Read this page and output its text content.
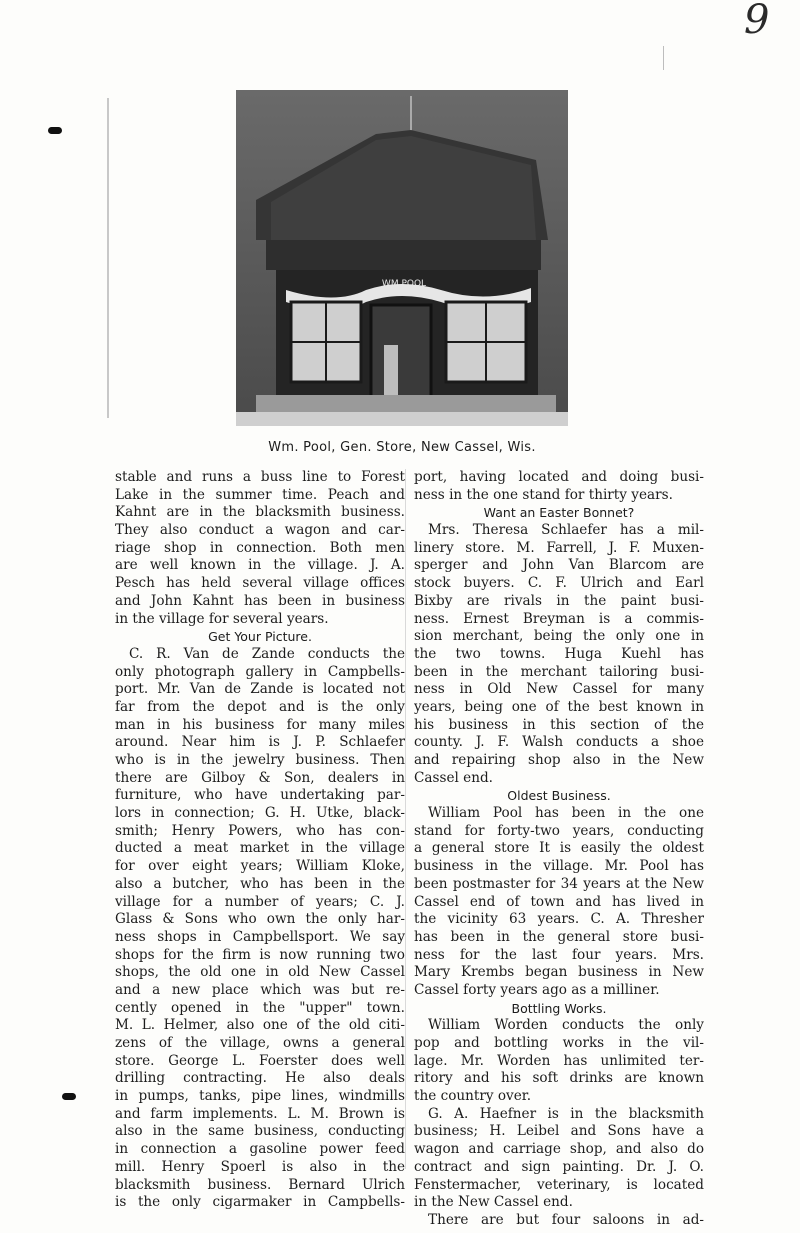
9
WM POOL
Wm. Pool, Gen. Store, New Cassel, Wis.
stable and runs a buss line to Forest
Lake in the summer time. Peach and
Kahnt are in the blacksmith business.
They also conduct a wagon and car-
riage shop in connection. Both men
are well known in the village. J. A.
Pesch has held several village offices
and John Kahnt has been in business
in the village for several years.
Get Your Picture.
C. R. Van de Zande conducts the
only photograph gallery in Campbells-
port. Mr. Van de Zande is located not
far from the depot and is the only
man in his business for many miles
around. Near him is J. P. Schlaefer
who is in the jewelry business. Then
there are Gilboy & Son, dealers in
furniture, who have undertaking par-
lors in connection; G. H. Utke, black-
smith; Henry Powers, who has con-
ducted a meat market in the village
for over eight years; William Kloke,
also a butcher, who has been in the
village for a number of years; C. J.
Glass & Sons who own the only har-
ness shops in Campbellsport. We say
shops for the firm is now running two
shops, the old one in old New Cassel
and a new place which was but re-
cently opened in the "upper" town.
M. L. Helmer, also one of the old citi-
zens of the village, owns a general
store. George L. Foerster does well
drilling contracting. He also deals
in pumps, tanks, pipe lines, windmills
and farm implements. L. M. Brown is
also in the same business, conducting
in connection a gasoline power feed
mill. Henry Spoerl is also in the
blacksmith business. Bernard Ulrich
is the only cigarmaker in Campbells-
port, having located and doing busi-
ness in the one stand for thirty years.
Want an Easter Bonnet?
Mrs. Theresa Schlaefer has a mil-
linery store. M. Farrell, J. F. Muxen-
sperger and John Van Blarcom are
stock buyers. C. F. Ulrich and Earl
Bixby are rivals in the paint busi-
ness. Ernest Breyman is a commis-
sion merchant, being the only one in
the two towns. Huga Kuehl has
been in the merchant tailoring busi-
ness in Old New Cassel for many
years, being one of the best known in
his business in this section of the
county. J. F. Walsh conducts a shoe
and repairing shop also in the New
Cassel end.
Oldest Business.
William Pool has been in the one
stand for forty-two years, conducting
a general store It is easily the oldest
business in the village. Mr. Pool has
been postmaster for 34 years at the New
Cassel end of town and has lived in
the vicinity 63 years. C. A. Thresher
has been in the general store busi-
ness for the last four years. Mrs.
Mary Krembs began business in New
Cassel forty years ago as a milliner.
Bottling Works.
William Worden conducts the only
pop and bottling works in the vil-
lage. Mr. Worden has unlimited ter-
ritory and his soft drinks are known
the country over.
G. A. Haefner is in the blacksmith
business; H. Leibel and Sons have a
wagon and carriage shop, and also do
contract and sign painting. Dr. J. O.
Fenstermacher, veterinary, is located
in the New Cassel end.
There are but four saloons in ad-
